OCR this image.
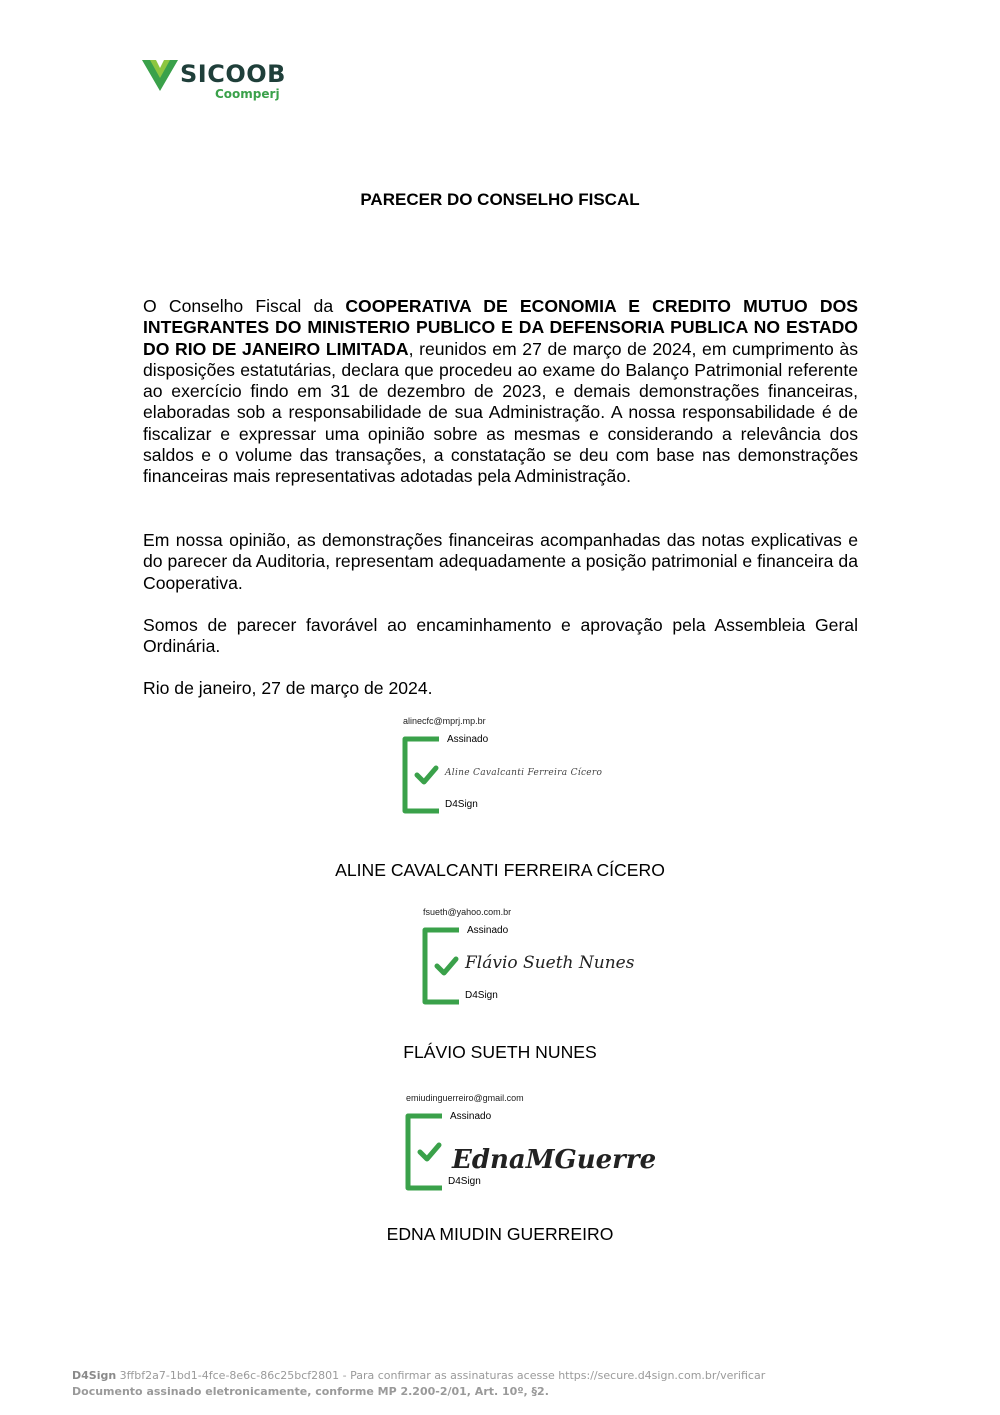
SICOOB
Coomperj
PARECER DO CONSELHO FISCAL

O Conselho Fiscal da COOPERATIVA DE ECONOMIA E CREDITO MUTUO DOS INTEGRANTES DO MINISTERIO PUBLICO E DA DEFENSORIA PUBLICA NO ESTADO DO RIO DE JANEIRO LIMITADA, reunidos em 27 de março de 2024, em cumprimento às disposições estatutárias, declara que procedeu ao exame do Balanço Patrimonial referente ao exercício findo em 31 de dezembro de 2023, e demais demonstrações financeiras, elaboradas sob a responsabilidade de sua Administração. A nossa responsabilidade é de fiscalizar e expressar uma opinião sobre as mesmas e considerando a relevância dos saldos e o volume das transações, a constatação se deu com base nas demonstrações financeiras mais representativas adotadas pela Administração.

Em nossa opinião, as demonstrações financeiras acompanhadas das notas explicativas e do parecer da Auditoria, representam adequadamente a posição patrimonial e financeira da Cooperativa.

Somos de parecer favorável ao encaminhamento e aprovação pela Assembleia Geral Ordinária.

Rio de janeiro, 27 de março de 2024.

alinecfc@mprj.mp.br
Assinado
Aline Cavalcanti Ferreira Cícero
D4Sign
ALINE CAVALCANTI FERREIRA CÍCERO
fsueth@yahoo.com.br
Assinado
Flávio Sueth Nunes
D4Sign
FLÁVIO SUETH NUNES
emiudinguerreiro@gmail.com
Assinado
D4Sign
EdnaMGuerre
EDNA MIUDIN GUERREIRO
D4Sign 3ffbf2a7-1bd1-4fce-8e6c-86c25bcf2801 - Para confirmar as assinaturas acesse https://secure.d4sign.com.br/verificar
Documento assinado eletronicamente, conforme MP 2.200-2/01, Art. 10º, §2.
